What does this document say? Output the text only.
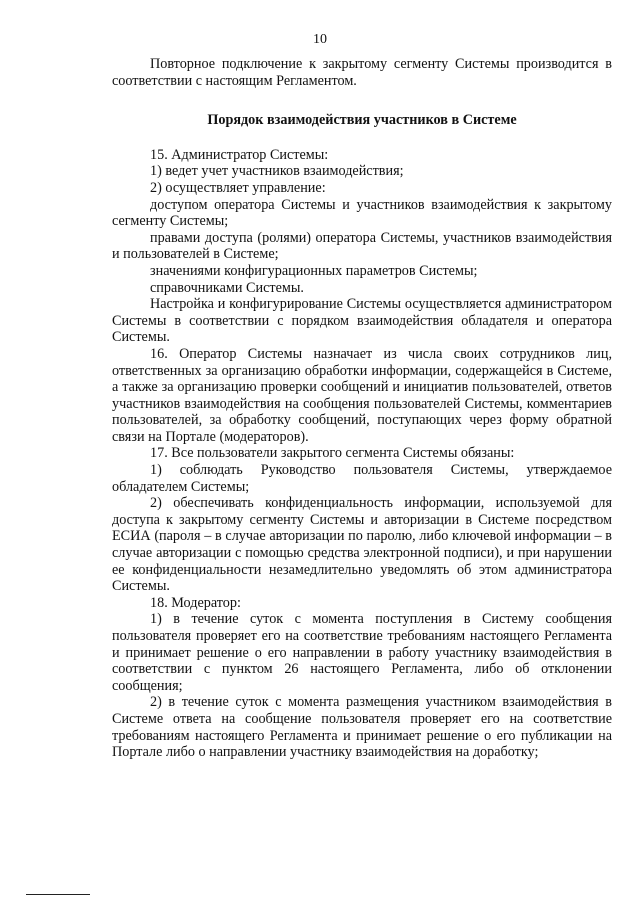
10

Повторное подключение к закрытому сегменту Системы производится в соответствии с настоящим Регламентом.

Порядок взаимодействия участников в Системе

15. Администратор Системы:

1) ведет учет участников взаимодействия;

2) осуществляет управление:

доступом оператора Системы и участников взаимодействия к закрытому сегменту Системы;

правами доступа (ролями) оператора Системы, участников взаимодействия и пользователей в Системе;

значениями конфигурационных параметров Системы;

справочниками Системы.

Настройка и конфигурирование Системы осуществляется администратором Системы в соответствии с порядком взаимодействия обладателя и оператора Системы.

16. Оператор Системы назначает из числа своих сотрудников лиц, ответственных за организацию обработки информации, содержащейся в Системе, а также за организацию проверки сообщений и инициатив пользователей, ответов участников взаимодействия на сообщения пользователей Системы, комментариев пользователей, за обработку сообщений, поступающих через форму обратной связи на Портале (модераторов).

17. Все пользователи закрытого сегмента Системы обязаны:

1) соблюдать Руководство пользователя Системы, утверждаемое обладателем Системы;

2) обеспечивать конфиденциальность информации, используемой для доступа к закрытому сегменту Системы и авторизации в Системе посредством ЕСИА (пароля – в случае авторизации по паролю, либо ключевой информации – в случае авторизации с помощью средства электронной подписи), и при нарушении ее конфиденциальности незамедлительно уведомлять об этом администратора Системы.

18. Модератор:

1) в течение суток с момента поступления в Систему сообщения пользователя проверяет его на соответствие требованиям настоящего Регламента и принимает решение о его направлении в работу участнику взаимодействия в соответствии с пунктом 26 настоящего Регламента, либо об отклонении сообщения;

2) в течение суток с момента размещения участником взаимодействия в Системе ответа на сообщение пользователя проверяет его на соответствие требованиям настоящего Регламента и принимает решение о его публикации на Портале либо о направлении участнику взаимодействия на доработку;
